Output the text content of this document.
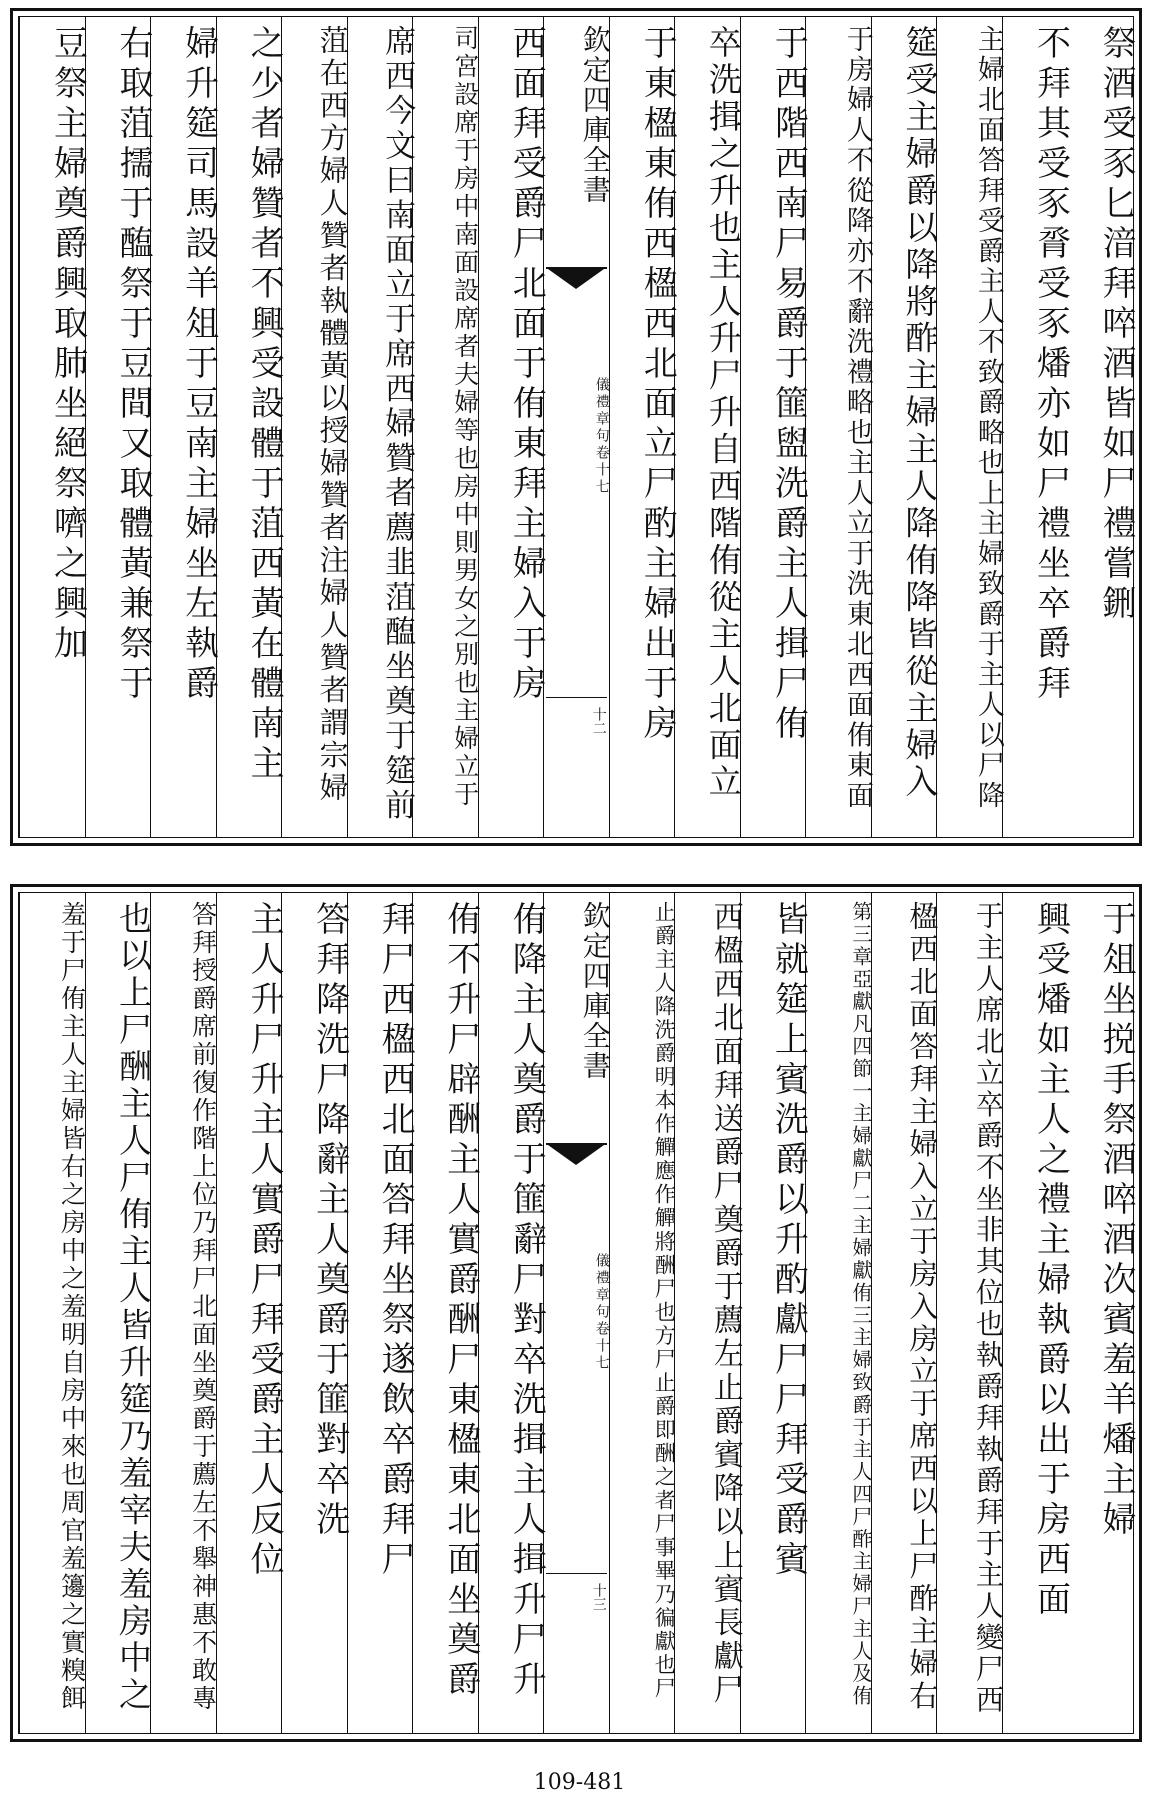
祭酒受豕匕湆拜啐酒皆如尸禮嘗鉶
不拜其受豕脀受豕燔亦如尸禮坐卒爵拜
主婦北面答拜受爵主人不致爵略也上主婦致爵于主人以尸降
筵受主婦爵以降將酢主婦主人降侑降皆從主婦入
于房婦人不從降亦不辭洗禮略也主人立于洗東北西面侑東面
于西階西南尸易爵于篚盥洗爵主人揖尸侑
卒洗揖之升也主人升尸升自西階侑從主人北面立
于東楹東侑西楹西北面立尸酌主婦出于房
欽定四庫全書
儀禮章句卷十七
十二
西面拜受爵尸北面于侑東拜主婦入于房
司宮設席于房中南面設席者夫婦等也房中則男女之別也主婦立于
席西今文曰南面立于席西婦贊者薦韭菹醢坐奠于筵前
菹在西方婦人贊者執體黃以授婦贊者注婦人贊者謂宗婦
之少者婦贊者不興受設體于菹西黃在體南主
婦升筵司馬設羊俎于豆南主婦坐左執爵
右取菹擩于醢祭于豆間又取體黃兼祭于
豆祭主婦奠爵興取肺坐絕祭嚌之興加
于俎坐捝手祭酒啐酒次賓羞羊燔主婦
興受燔如主人之禮主婦執爵以出于房西面
于主人席北立卒爵不坐非其位也執爵拜執爵拜于主人變尸西
楹西北面答拜主婦入立于房入房立于席西以上尸酢主婦右
第三章亞獻凡四節一主婦獻尸二主婦獻侑三主婦致爵于主人四尸酢主婦尸主人及侑
皆就筵上賓洗爵以升酌獻尸尸拜受爵賓
西楹西北面拜送爵尸奠爵于薦左止爵賓降以上賓長獻尸
止爵主人降洗爵明本作觶應作觶將酬尸也方尸止爵即酬之者尸事畢乃徧獻也尸
欽定四庫全書
儀禮章句卷十七
十三
侑降主人奠爵于篚辭尸對卒洗揖主人揖升尸升
侑不升尸辟酬主人實爵酬尸東楹東北面坐奠爵
拜尸西楹西北面答拜坐祭遂飲卒爵拜尸
答拜降洗尸降辭主人奠爵于篚對卒洗
主人升尸升主人實爵尸拜受爵主人反位
答拜授爵席前復作階上位乃拜尸北面坐奠爵于薦左不舉神惠不敢專
也以上尸酬主人尸侑主人皆升筵乃羞宰夫羞房中之
羞于尸侑主人主婦皆右之房中之羞明自房中來也周官羞籩之實糗餌
109-481
